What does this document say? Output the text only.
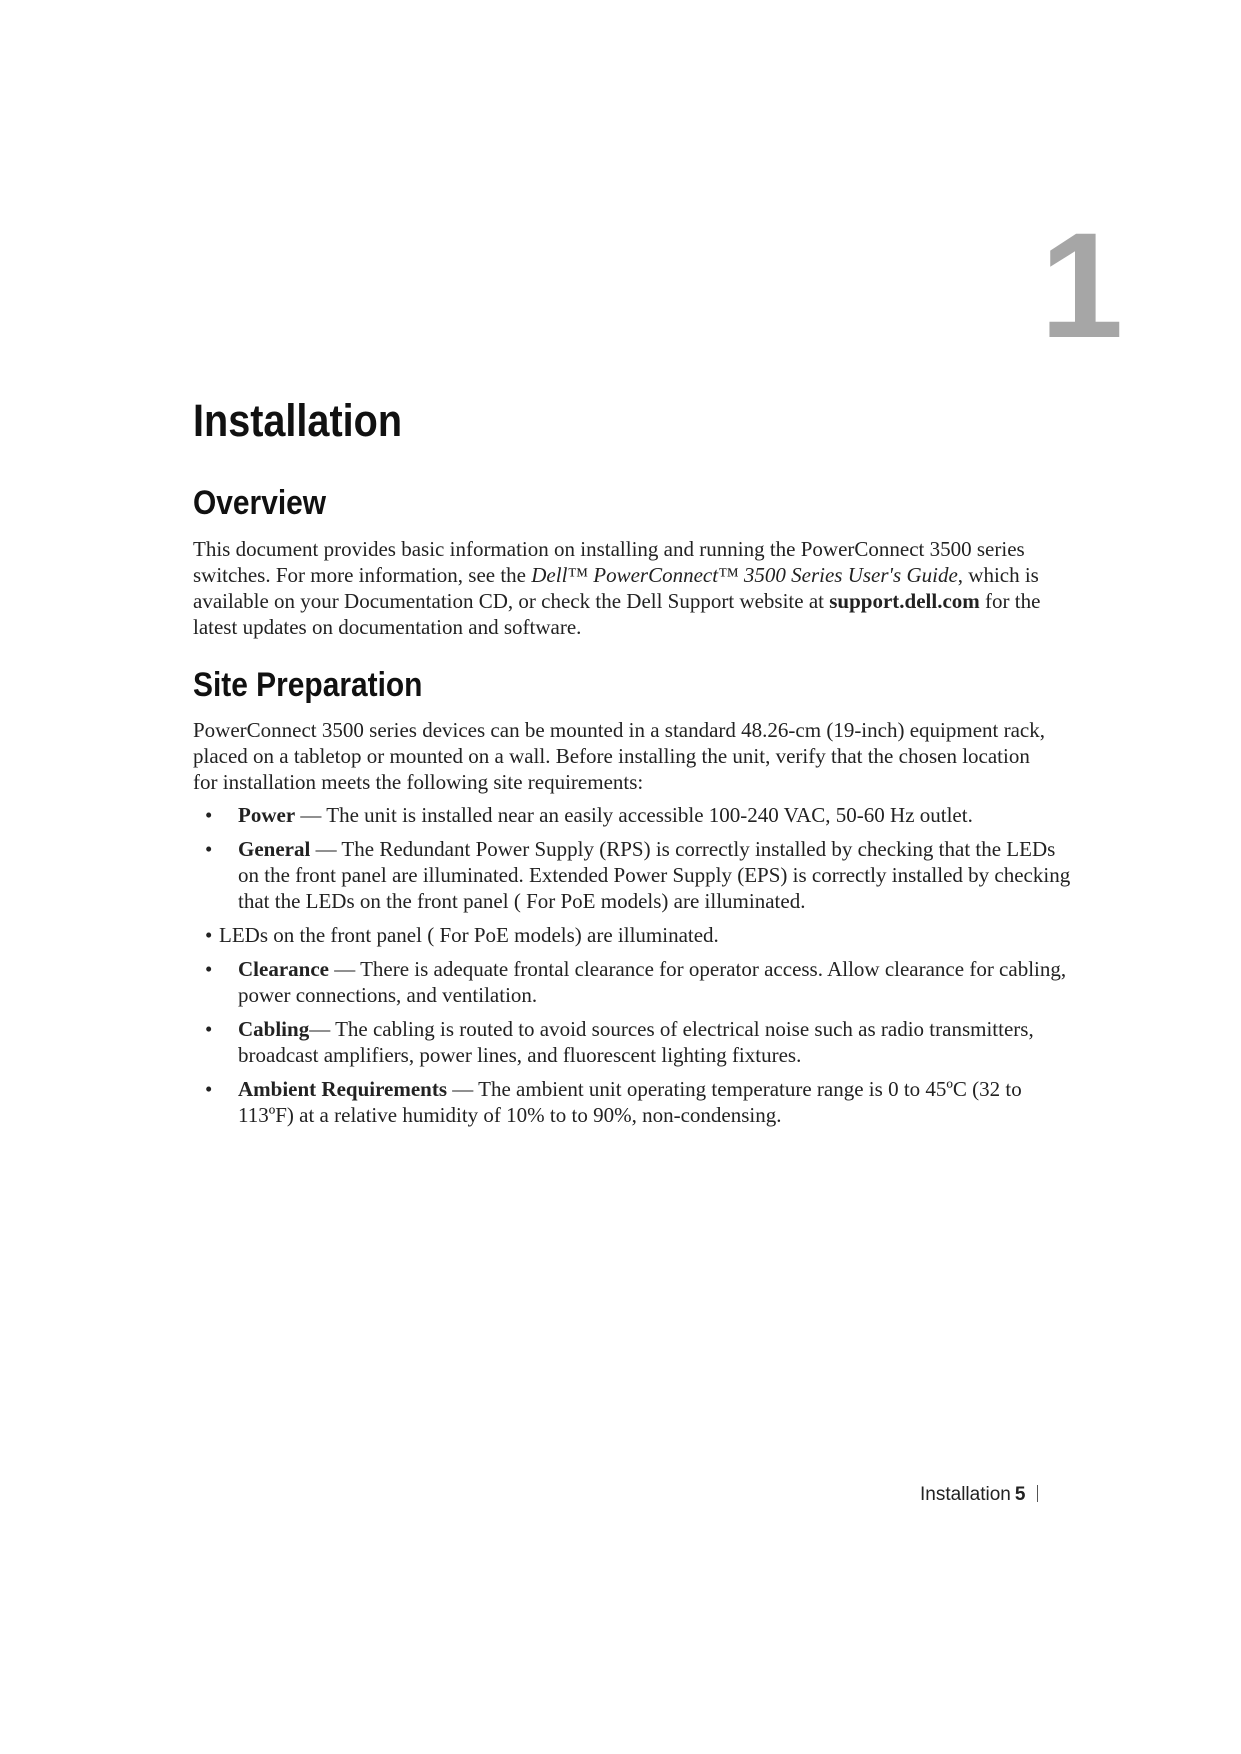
1
Installation
Overview

This document provides basic information on installing and running the PowerConnect 3500 series switches. For more information, see the Dell™ PowerConnect™ 3500 Series User's Guide, which is available on your Documentation CD, or check the Dell Support website at support.dell.com for the latest updates on documentation and software.

Site Preparation

PowerConnect 3500 series devices can be mounted in a standard 48.26-cm (19-inch) equipment rack, placed on a tabletop or mounted on a wall. Before installing the unit, verify that the chosen location for installation meets the following site requirements:

• Power — The unit is installed near an easily accessible 100-240 VAC, 50-60 Hz outlet.
• General — The Redundant Power Supply (RPS) is correctly installed by checking that the LEDs on the front panel are illuminated. Extended Power Supply (EPS) is correctly installed by checking that the LEDs on the front panel ( For PoE models) are illuminated.
• LEDs on the front panel ( For PoE models) are illuminated.
• Clearance — There is adequate frontal clearance for operator access. Allow clearance for cabling, power connections, and ventilation.
• Cabling— The cabling is routed to avoid sources of electrical noise such as radio transmitters, broadcast amplifiers, power lines, and fluorescent lighting fixtures.
• Ambient Requirements — The ambient unit operating temperature range is 0 to 45ºC (32 to 113ºF) at a relative humidity of 10% to to 90%, non-condensing.
Installation 5
